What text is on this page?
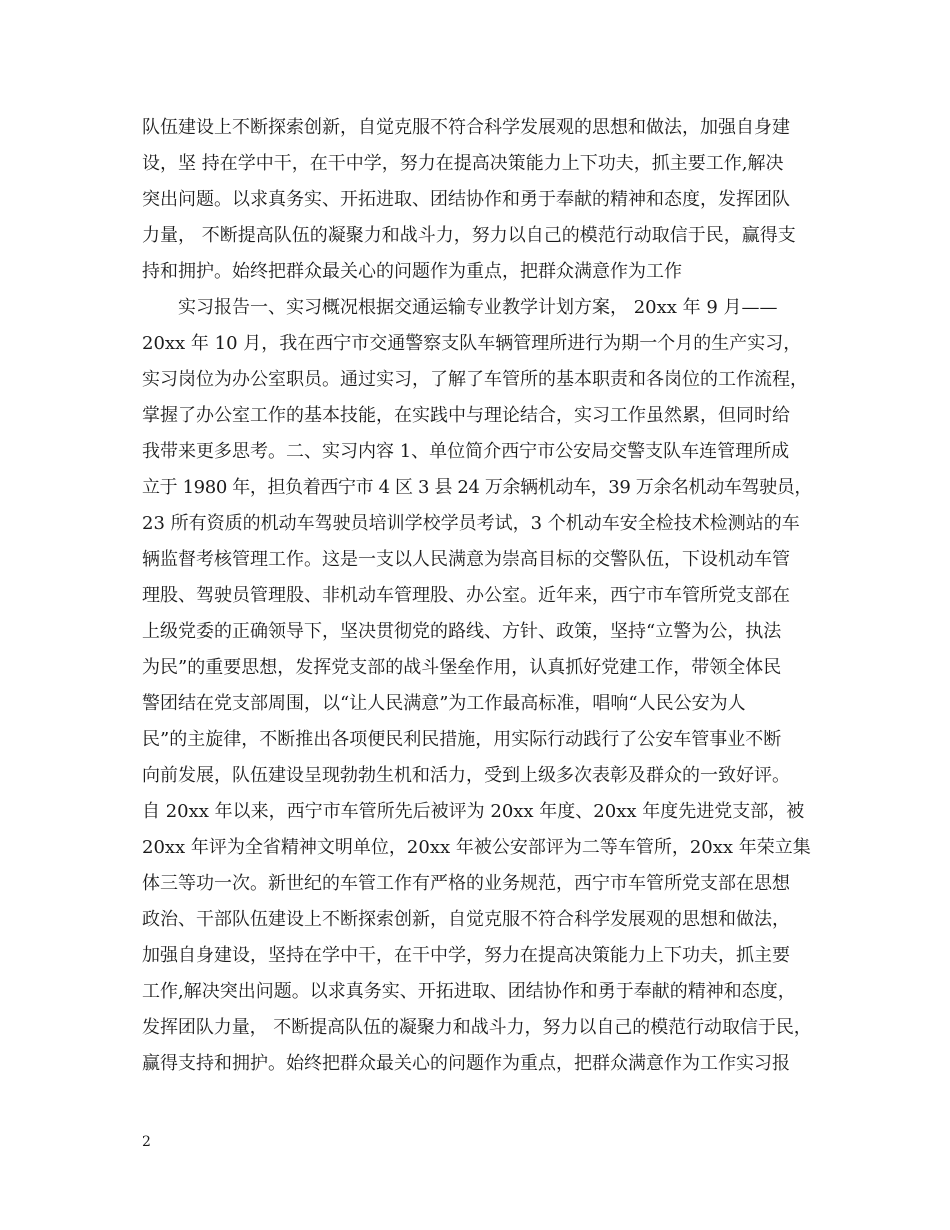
队伍建设上不断探索创新，自觉克服不符合科学发展观的思想和做法，加强自身建
设，坚 持在学中干，在干中学，努力在提高决策能力上下功夫，抓主要工作,解决
突出问题。以求真务实、开拓进取、团结协作和勇于奉献的精神和态度，发挥团队
力量， 不断提高队伍的凝聚力和战斗力，努力以自己的模范行动取信于民，赢得支
持和拥护。始终把群众最关心的问题作为重点，把群众满意作为工作
　　实习报告一、实习概况根据交通运输专业教学计划方案， 20xx 年 9 月——
20xx 年 10 月，我在西宁市交通警察支队车辆管理所进行为期一个月的生产实习，
实习岗位为办公室职员。通过实习，了解了车管所的基本职责和各岗位的工作流程，
掌握了办公室工作的基本技能，在实践中与理论结合，实习工作虽然累，但同时给
我带来更多思考。二、实习内容 1、单位简介西宁市公安局交警支队车连管理所成
立于 1980 年，担负着西宁市 4 区 3 县 24 万余辆机动车，39 万余名机动车驾驶员，
23 所有资质的机动车驾驶员培训学校学员考试，3 个机动车安全检技术检测站的车
辆监督考核管理工作。这是一支以人民满意为崇高目标的交警队伍，下设机动车管
理股、驾驶员管理股、非机动车管理股、办公室。近年来，西宁市车管所党支部在
上级党委的正确领导下，坚决贯彻党的路线、方针、政策，坚持“立警为公，执法
为民”的重要思想，发挥党支部的战斗堡垒作用，认真抓好党建工作，带领全体民
警团结在党支部周围，以“让人民满意”为工作最高标准，唱响“人民公安为人
民”的主旋律，不断推出各项便民利民措施，用实际行动践行了公安车管事业不断
向前发展，队伍建设呈现勃勃生机和活力，受到上级多次表彰及群众的一致好评。
自 20xx 年以来，西宁市车管所先后被评为 20xx 年度、20xx 年度先进党支部，被
20xx 年评为全省精神文明单位，20xx 年被公安部评为二等车管所，20xx 年荣立集
体三等功一次。新世纪的车管工作有严格的业务规范，西宁市车管所党支部在思想
政治、干部队伍建设上不断探索创新，自觉克服不符合科学发展观的思想和做法，
加强自身建设，坚持在学中干，在干中学，努力在提高决策能力上下功夫，抓主要
工作,解决突出问题。以求真务实、开拓进取、团结协作和勇于奉献的精神和态度，
发挥团队力量， 不断提高队伍的凝聚力和战斗力，努力以自己的模范行动取信于民，
赢得支持和拥护。始终把群众最关心的问题作为重点，把群众满意作为工作实习报
2
